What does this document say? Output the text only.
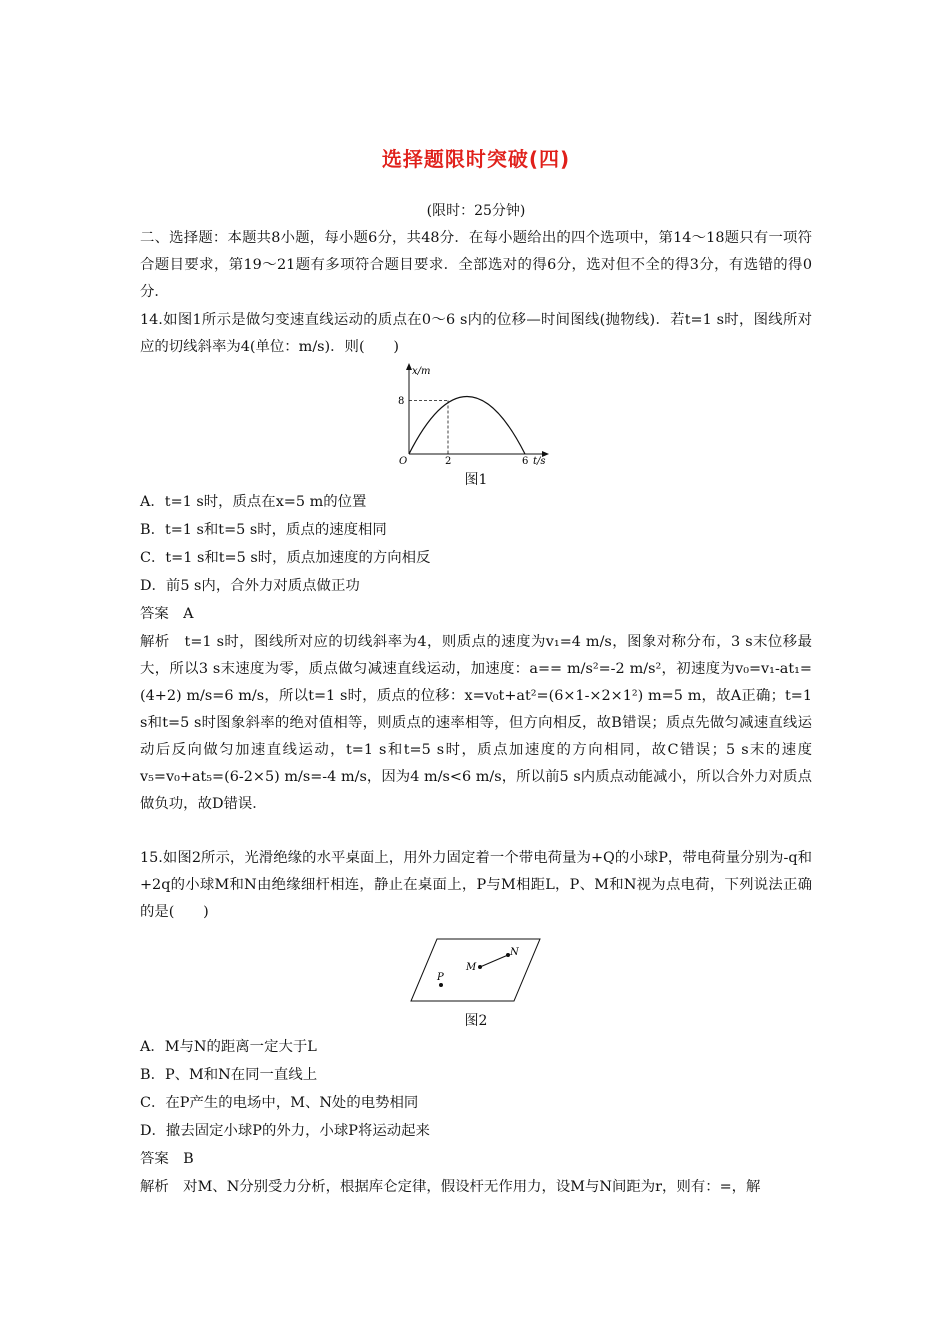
选择题限时突破(四)
(限时：25分钟)
二、选择题：本题共8小题，每小题6分，共48分．在每小题给出的四个选项中，第14～18题只有一项符合题目要求，第19～21题有多项符合题目要求．全部选对的得6分，选对但不全的得3分，有选错的得0分．
14.如图1所示是做匀变速直线运动的质点在0～6 s内的位移—时间图线(抛物线)．若t=1 s时，图线所对应的切线斜率为4(单位：m/s)．则(　　)
x/m
8
O	2	6 t/s
图1
A．t=1 s时，质点在x=5 m的位置
B．t=1 s和t=5 s时，质点的速度相同
C．t=1 s和t=5 s时，质点加速度的方向相反
D．前5 s内，合外力对质点做正功
答案　A
解析　t=1 s时，图线所对应的切线斜率为4，则质点的速度为v₁=4 m/s，图象对称分布，3 s末位移最大，所以3 s末速度为零，质点做匀减速直线运动，加速度：a== m/s²=-2 m/s²，初速度为v₀=v₁-at₁=(4+2) m/s=6 m/s，所以t=1 s时，质点的位移：x=v₀t+at²=(6×1-×2×1²) m=5 m，故A正确；t=1 s和t=5 s时图象斜率的绝对值相等，则质点的速率相等，但方向相反，故B错误；质点先做匀减速直线运动后反向做匀加速直线运动，t=1 s和t=5 s时，质点加速度的方向相同，故C错误；5 s末的速度v₅=v₀+at₅=(6-2×5) m/s=-4 m/s，因为4 m/s<6 m/s，所以前5 s内质点动能减小，所以合外力对质点做负功，故D错误．
15.如图2所示，光滑绝缘的水平桌面上，用外力固定着一个带电荷量为+Q的小球P，带电荷量分别为-q和+2q的小球M和N由绝缘细杆相连，静止在桌面上，P与M相距L，P、M和N视为点电荷，下列说法正确的是(　　)
P
M
N
图2
A．M与N的距离一定大于L
B．P、M和N在同一直线上
C．在P产生的电场中，M、N处的电势相同
D．撤去固定小球P的外力，小球P将运动起来
答案　B
解析　对M、N分别受力分析，根据库仑定律，假设杆无作用力，设M与N间距为r，则有：=，解
